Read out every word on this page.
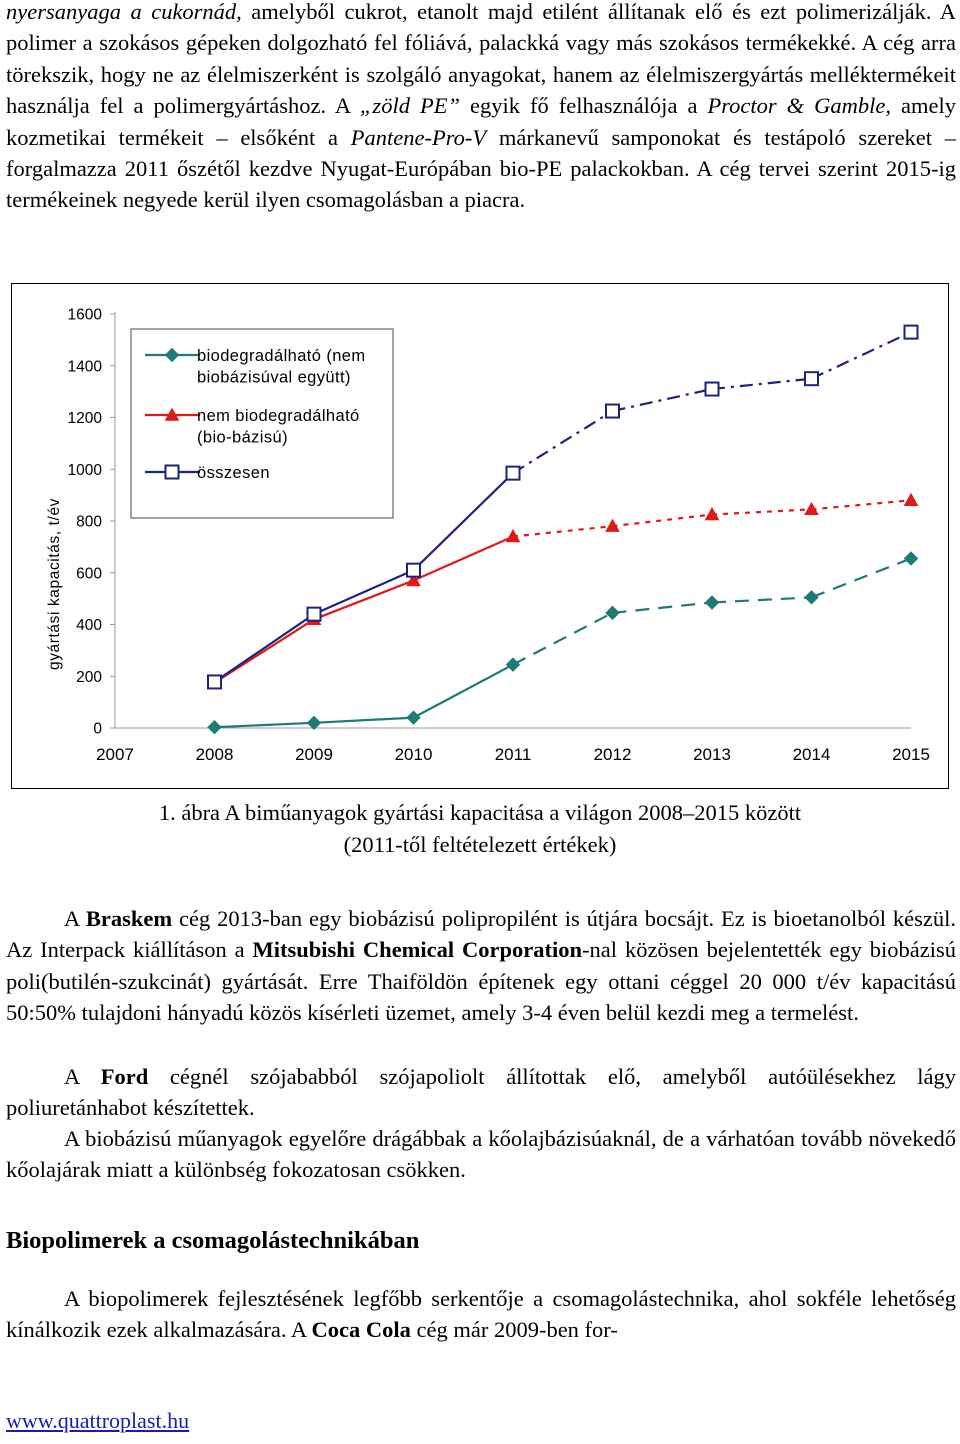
nyersanyaga a cukornád, amelyből cukrot, etanolt majd etilént állítanak elő és ezt polimerizálják. A polimer a szokásos gépeken dolgozható fel fóliává, palackká vagy más szokásos termékekké. A cég arra törekszik, hogy ne az élelmiszerként is szolgáló anyagokat, hanem az élelmiszergyártás melléktermékeit használja fel a polimergyártáshoz. A „zöld PE” egyik fő felhasználója a Proctor & Gamble, amely kozmetikai termékeit – elsőként a Pantene-Pro-V márkanevű samponokat és testápoló szereket – forgalmazza 2011 őszétől kezdve Nyugat-Európában bio-PE palackokban. A cég tervei szerint 2015-ig termékeinek negyede kerül ilyen csomagolásban a piacra.

0
200
400
600
800
1000
1200
1400
1600
2007	2008	2009	2010	2011	2012	2013	2014	2015
gyártási kapacitás, t/év
biodegradálható (nem
biobázisúval együtt)
nem biodegradálható
(bio-bázisú)
összesen
1. ábra A biműanyagok gyártási kapacitása a világon 2008–2015 között
(2011-től feltételezett értékek)

A Braskem cég 2013-ban egy biobázisú polipropilént is útjára bocsájt. Ez is bioetanolból készül. Az Interpack kiállításon a Mitsubishi Chemical Corporation-nal közösen bejelentették egy biobázisú poli(butilén-szukcinát) gyártását. Erre Thaiföldön építenek egy ottani céggel 20 000 t/év kapacitású 50:50% tulajdoni hányadú közös kísérleti üzemet, amely 3-4 éven belül kezdi meg a termelést.

A Ford cégnél szójababból szójapoliolt állítottak elő, amelyből autóülésekhez lágy poliuretánhabot készítettek.

A biobázisú műanyagok egyelőre drágábbak a kőolajbázisúaknál, de a várhatóan tovább növekedő kőolajárak miatt a különbség fokozatosan csökken.

Biopolimerek a csomagolástechnikában

A biopolimerek fejlesztésének legfőbb serkentője a csomagolástechnika, ahol sokféle lehetőség kínálkozik ezek alkalmazására. A Coca Cola cég már 2009-ben for-

www.quattroplast.hu
